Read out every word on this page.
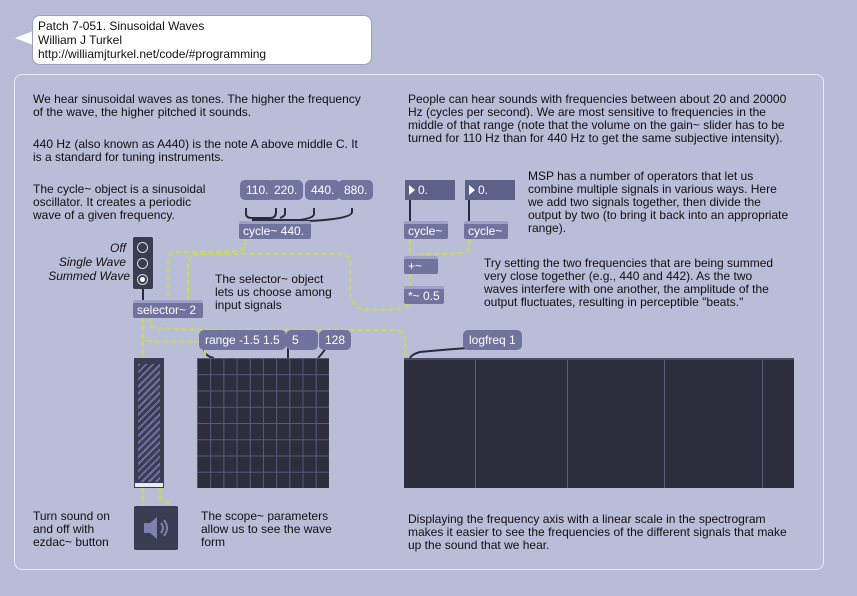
Patch 7-051. Sinusoidal Waves
William J Turkel
http://williamjturkel.net/code/#programming
We hear sinusoidal waves as tones. The higher the frequency of the wave, the higher pitched it sounds.
440 Hz (also known as A440) is the note A above middle C. It is a standard for tuning instruments.
The cycle~ object is a sinusoidal oscillator. It creates a periodic wave of a given frequency.
People can hear sounds with frequencies between about 20 and 20000 Hz (cycles per second). We are most sensitive to frequencies in the middle of that range (note that the volume on the gain~ slider has to be turned for 110 Hz than for 440 Hz to get the same subjective intensity).
MSP has a number of operators that let us combine multiple signals in various ways. Here we add two signals together, then divide the output by two (to bring it back into an appropriate range).
Try setting the two frequencies that are being summed very close together (e.g., 440 and 442). As the two waves interfere with one another, the amplitude of the output fluctuates, resulting in perceptible "beats."
110. 220.	440. 880.
cycle~ 440.
0.	0.
cycle~	cycle~
+~
*~ 0.5
Off
Single Wave
Summed Wave
selector~ 2
The selector~ object lets us choose among input signals
range -1.5 1.5	5	128	logfreq 1
Turn sound on and off with ezdac~ button
The scope~ parameters allow us to see the wave form
Displaying the frequency axis with a linear scale in the spectrogram makes it easier to see the frequencies of the different signals that make up the sound that we hear.
